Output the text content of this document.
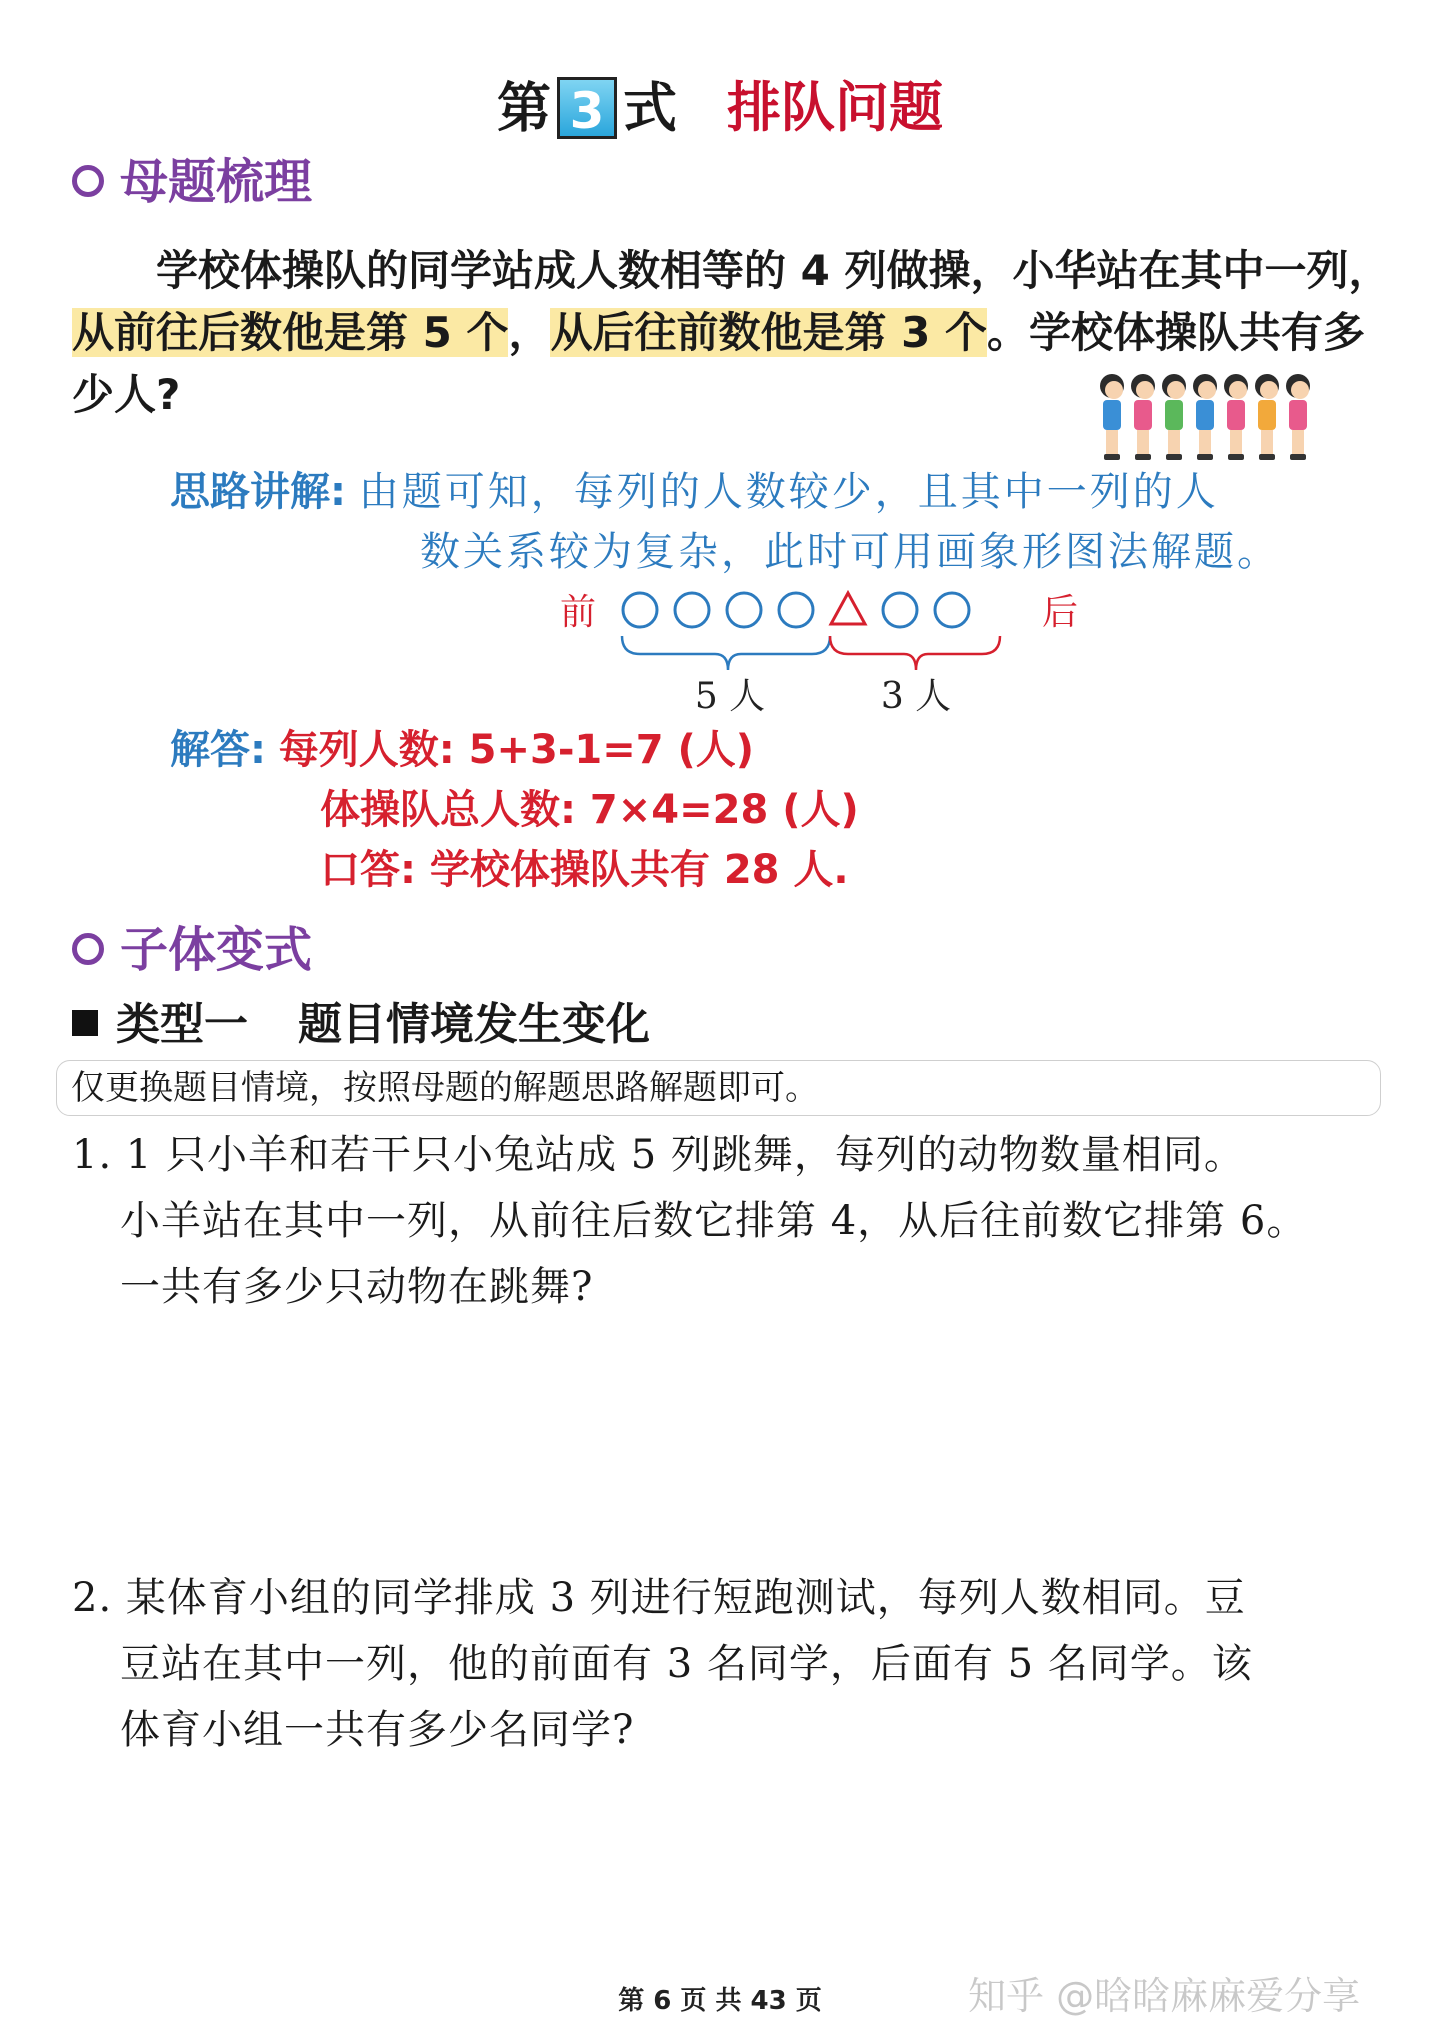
第 3 式 排队问题
母题梳理

学校体操队的同学站成人数相等的 4 列做操，小华站在其中一列，从前往后数他是第 5 个，从后往前数他是第 3 个。学校体操队共有多少人?

思路讲解: 由题可知，每列的人数较少，且其中一列的人
数关系较为复杂，此时可用画象形图法解题。
前	后
5 人	3 人
解答: 每列人数: 5+3-1=7 (人)
体操队总人数: 7×4=28 (人)
口答: 学校体操队共有 28 人.
子体变式
类型一 题目情境发生变化
仅更换题目情境，按照母题的解题思路解题即可。
1. 1 只小羊和若干只小兔站成 5 列跳舞，每列的动物数量相同。
小羊站在其中一列，从前往后数它排第 4，从后往前数它排第 6。
一共有多少只动物在跳舞?
2. 某体育小组的同学排成 3 列进行短跑测试，每列人数相同。豆
豆站在其中一列，他的前面有 3 名同学，后面有 5 名同学。该
体育小组一共有多少名同学?
第 6 页 共 43 页	知乎 @晗晗麻麻爱分享
